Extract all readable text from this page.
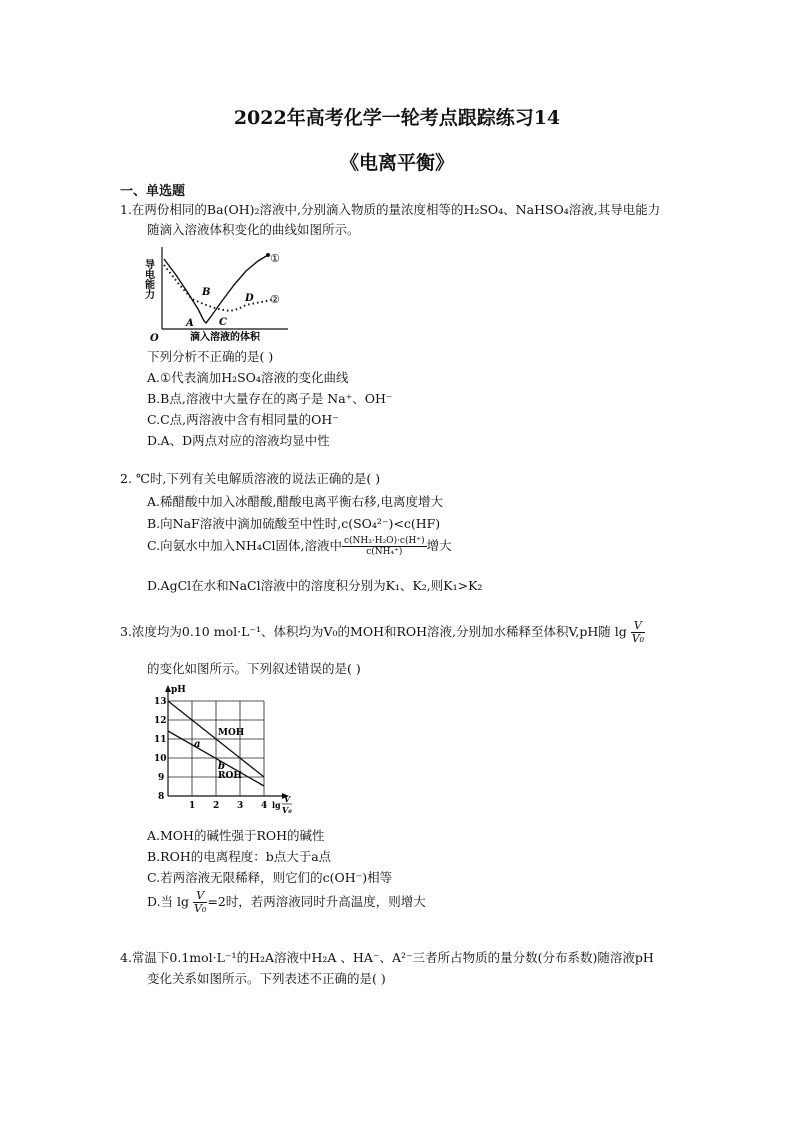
2022年高考化学一轮考点跟踪练习14
《电离平衡》
一、单选题
1.在两份相同的Ba(OH)₂溶液中,分别滴入物质的量浓度相等的H₂SO₄、NaHSO₄溶液,其导电能力
随滴入溶液体积变化的曲线如图所示。
导电能力
O	滴入溶液的体积
①
②
A
B
C
D
下列分析不正确的是( )
A.①代表滴加H₂SO₄溶液的变化曲线
B.B点,溶液中大量存在的离子是 Na⁺、OH⁻
C.C点,两溶液中含有相同量的OH⁻
D.A、D两点对应的溶液均显中性
2. ℃时,下列有关电解质溶液的说法正确的是( )
A.稀醋酸中加入冰醋酸,醋酸电离平衡右移,电离度增大
B.向NaF溶液中滴加硫酸至中性时,c(SO₄²⁻)<c(HF)
C.向氨水中加入NH₄Cl固体,溶液中 $\frac{\text{c(NH₃·H₂O)·c(H⁺)}}{\text{c(NH₄⁺)}}$ 增大
D.AgCl在水和NaCl溶液中的溶度积分别为K₁、K₂,则K₁>K₂
3.浓度均为0.10 mol·L⁻¹、体积均为V₀的MOH和ROH溶液,分别加水稀释至体积V,pH随 $\lg \frac{V}{\text{V₀}}$
的变化如图所示。下列叙述错误的是( )
pH
13
12
11
10
9
8
1 2 3 4 lg
V
V₀
MOH
ROH
a
b
A.MOH的碱性强于ROH的碱性
B.ROH的电离程度：b点大于a点
C.若两溶液无限稀释，则它们的c(OH⁻)相等
D.当 $\lg \frac{V}{\text{V₀}} =2$时，若两溶液同时升高温度，则增大
4.常温下0.1mol·L⁻¹的H₂A溶液中H₂A 、HA⁻、A²⁻三者所占物质的量分数(分布系数)随溶液pH
变化关系如图所示。下列表述不正确的是( )
